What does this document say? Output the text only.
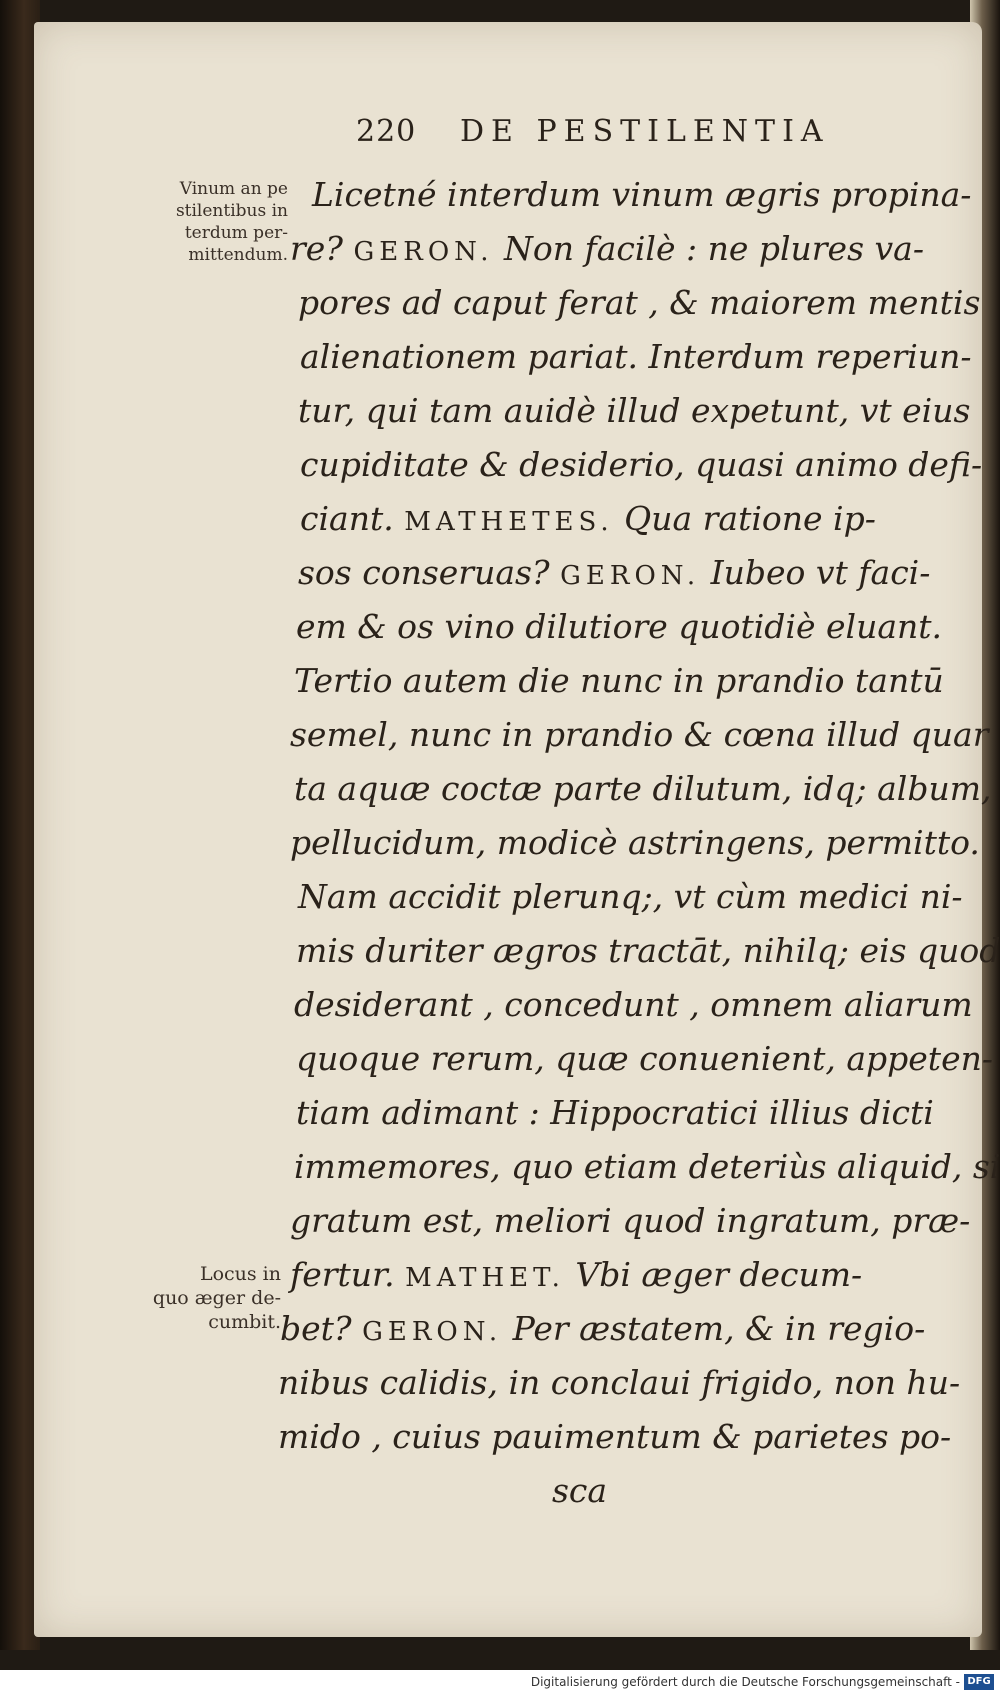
220 DE PESTILENTIA
Vinum an pe
stilentibus in
terdum per-
mittendum.
Locus in
quo æger de-
cumbit.
Licetné interdum vinum ægris propina-
re? GERON. Non facilè : ne plures va-
pores ad caput ferat , & maiorem mentis
alienationem pariat. Interdum reperiun-
tur, qui tam auidè illud expetunt, vt eius
cupiditate & desiderio, quasi animo defi-
ciant. MATHETES. Qua ratione ip-
sos conseruas? GERON. Iubeo vt faci-
em & os vino dilutiore quotidiè eluant.
Tertio autem die nunc in prandio tantū
semel, nunc in prandio & cœna illud quar
ta aquæ coctæ parte dilutum, idq; album,
pellucidum, modicè astringens, permitto.
Nam accidit plerunq;, vt cùm medici ni-
mis duriter ægros tractāt, nihilq; eis quod
desiderant , concedunt , omnem aliarum
quoque rerum, quæ conuenient, appeten-
tiam adimant : Hippocratici illius dicti
immemores, quo etiam deteriùs aliquid, si
gratum est, meliori quod ingratum, præ-
fertur. MATHET. Vbi æger decum-
bet? GERON. Per æstatem, & in regio-
nibus calidis, in conclaui frigido, non hu-
mido , cuius pauimentum & parietes po-
sca
Digitalisierung gefördert durch die Deutsche Forschungsgemeinschaft - DFG
